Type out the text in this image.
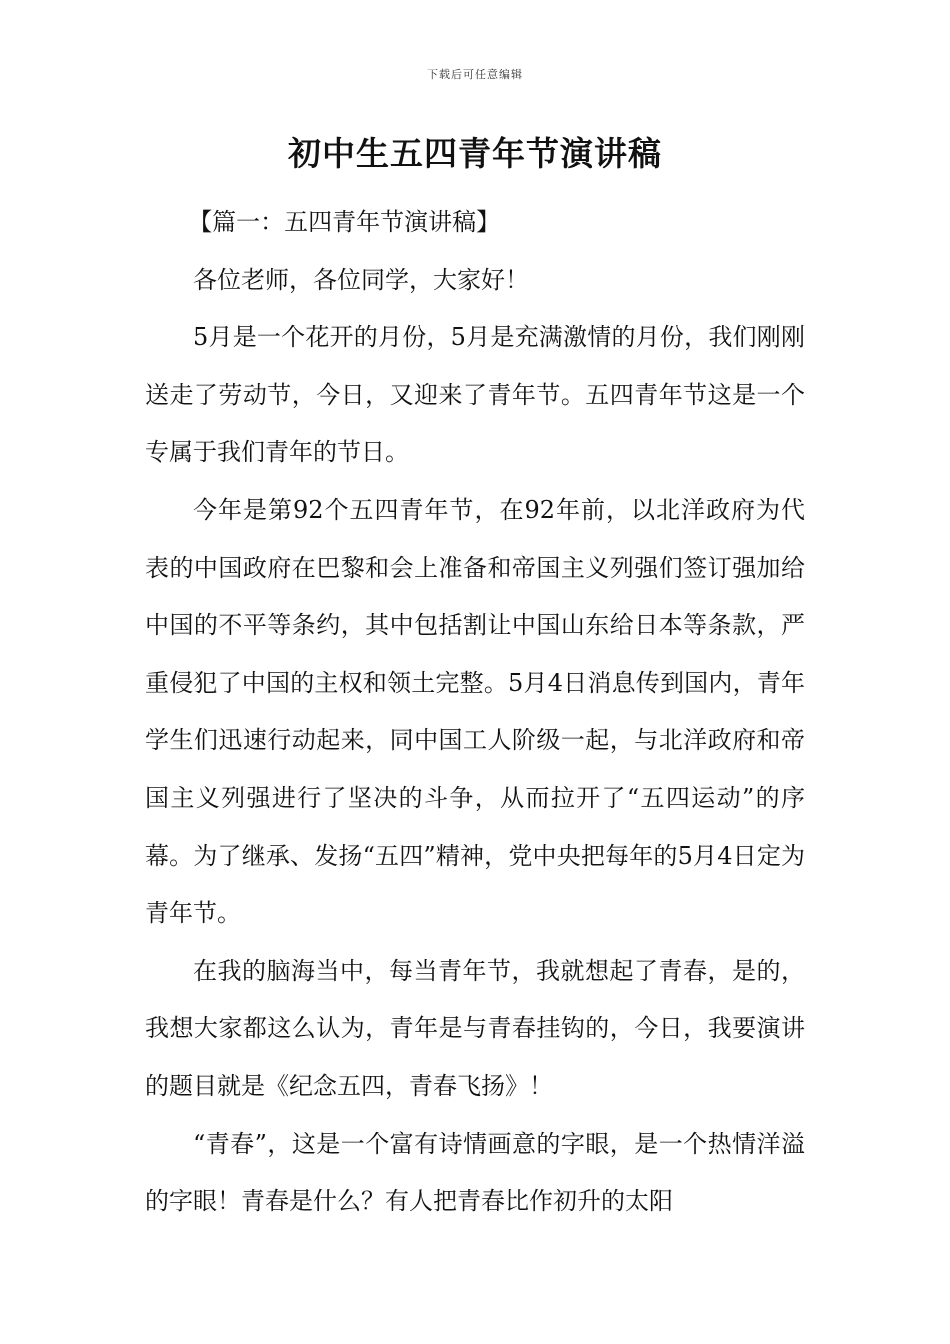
下载后可任意编辑
初中生五四青年节演讲稿

【篇一：五四青年节演讲稿】

各位老师，各位同学，大家好！

5月是一个花开的月份，5月是充满激情的月份，我们刚刚送走了劳动节，今日，又迎来了青年节。五四青年节这是一个专属于我们青年的节日。

今年是第92个五四青年节，在92年前，以北洋政府为代表的中国政府在巴黎和会上准备和帝国主义列强们签订强加给中国的不平等条约，其中包括割让中国山东给日本等条款，严重侵犯了中国的主权和领土完整。5月4日消息传到国内，青年学生们迅速行动起来，同中国工人阶级一起，与北洋政府和帝国主义列强进行了坚决的斗争，从而拉开了“五四运动”的序幕。为了继承、发扬“五四”精神，党中央把每年的5月4日定为青年节。

在我的脑海当中，每当青年节，我就想起了青春，是的，我想大家都这么认为，青年是与青春挂钩的，今日，我要演讲的题目就是《纪念五四，青春飞扬》！

“青春”，这是一个富有诗情画意的字眼，是一个热情洋溢的字眼！青春是什么？有人把青春比作初升的太阳
